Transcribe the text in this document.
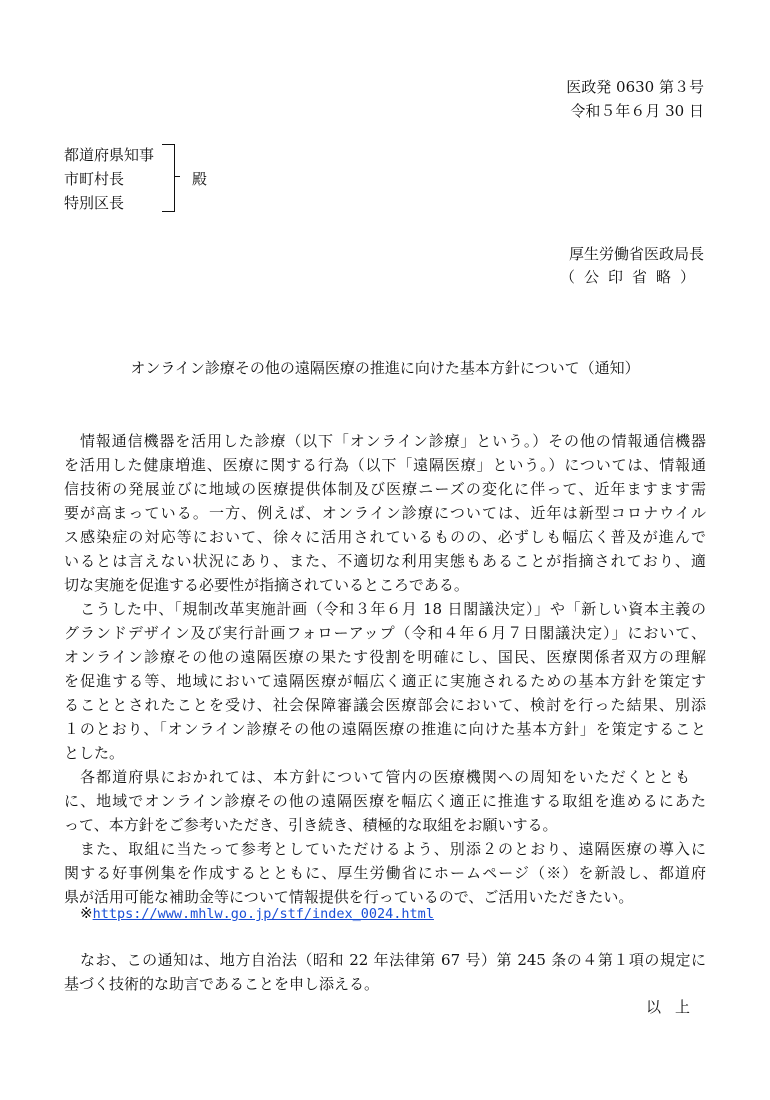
医政発 0630 第３号
令和５年６月 30 日
都道府県知事
市町村長
特別区長
殿
厚生労働省医政局長
（公印省略）
オンライン診療その他の遠隔医療の推進に向けた基本方針について（通知）
情報通信機器を活用した診療（以下「オンライン診療」という。）その他の情報通信機器
を活用した健康増進、医療に関する行為（以下「遠隔医療」という。）については、情報通
信技術の発展並びに地域の医療提供体制及び医療ニーズの変化に伴って、近年ますます需
要が高まっている。一方、例えば、オンライン診療については、近年は新型コロナウイル
ス感染症の対応等において、徐々に活用されているものの、必ずしも幅広く普及が進んで
いるとは言えない状況にあり、また、不適切な利用実態もあることが指摘されており、適
切な実施を促進する必要性が指摘されているところである。
こうした中、「規制改革実施計画（令和３年６月 18 日閣議決定）」や「新しい資本主義の
グランドデザイン及び実行計画フォローアップ（令和４年６月７日閣議決定）」において、
オンライン診療その他の遠隔医療の果たす役割を明確にし、国民、医療関係者双方の理解
を促進する等、地域において遠隔医療が幅広く適正に実施されるための基本方針を策定す
ることとされたことを受け、社会保障審議会医療部会において、検討を行った結果、別添
１のとおり、「オンライン診療その他の遠隔医療の推進に向けた基本方針」を策定すること
とした。
各都道府県におかれては、本方針について管内の医療機関への周知をいただくととも
に、地域でオンライン診療その他の遠隔医療を幅広く適正に推進する取組を進めるにあた
って、本方針をご参考いただき、引き続き、積極的な取組をお願いする。
また、取組に当たって参考としていただけるよう、別添２のとおり、遠隔医療の導入に
関する好事例集を作成するとともに、厚生労働省にホームページ（※）を新設し、都道府
県が活用可能な補助金等について情報提供を行っているので、ご活用いただきたい。
※https://www.mhlw.go.jp/stf/index_0024.html
なお、この通知は、地方自治法（昭和 22 年法律第 67 号）第 245 条の４第１項の規定に
基づく技術的な助言であることを申し添える。
以上
